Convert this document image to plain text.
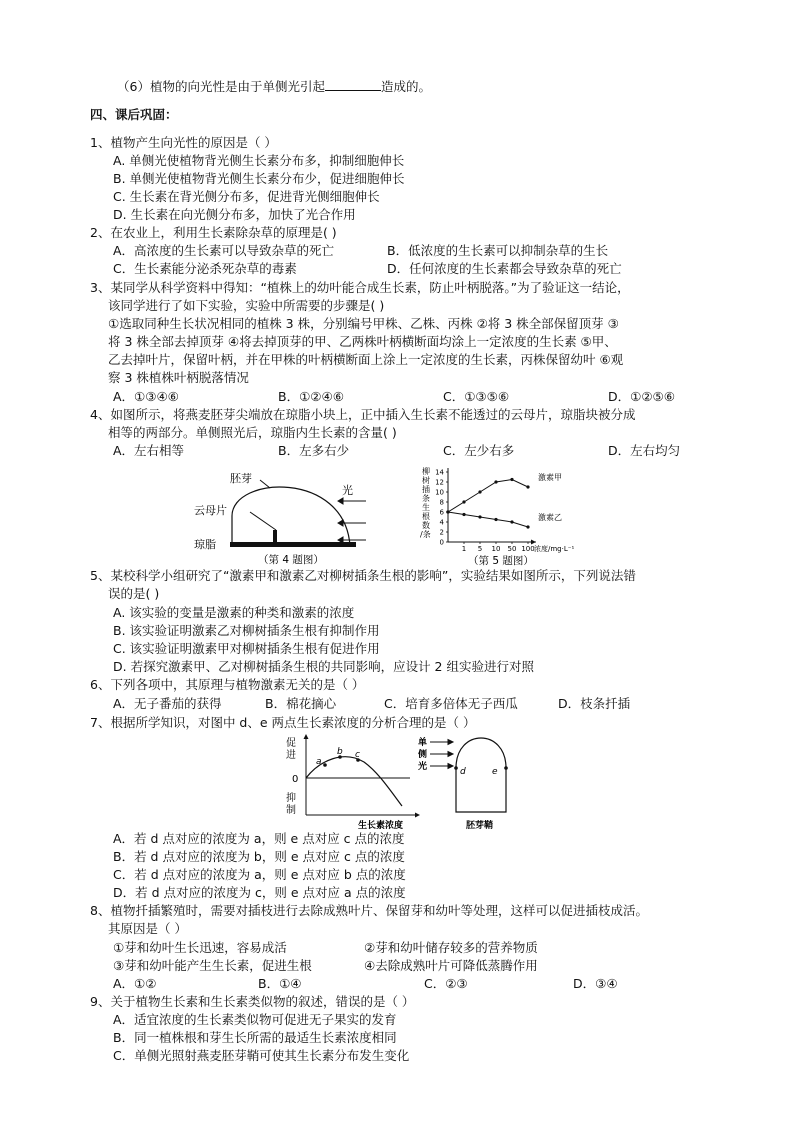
（6）植物的向光性是由于单侧光引起	造成的。
四、课后巩固：
1、植物产生向光性的原因是（ ）
A. 单侧光使植物背光侧生长素分布多，抑制细胞伸长
B. 单侧光使植物背光侧生长素分布少，促进细胞伸长
C. 生长素在背光侧分布多，促进背光侧细胞伸长
D. 生长素在向光侧分布多，加快了光合作用
2、在农业上，利用生长素除杂草的原理是( )
A．高浓度的生长素可以导致杂草的死亡	B．低浓度的生长素可以抑制杂草的生长
C．生长素能分泌杀死杂草的毒素	D．任何浓度的生长素都会导致杂草的死亡
3、某同学从科学资料中得知：“植株上的幼叶能合成生长素，防止叶柄脱落。”为了验证这一结论，
该同学进行了如下实验，实验中所需要的步骤是( )
①选取同种生长状况相同的植株 3 株，分别编号甲株、乙株、丙株 ②将 3 株全部保留顶芽 ③
将 3 株全部去掉顶芽 ④将去掉顶芽的甲、乙两株叶柄横断面均涂上一定浓度的生长素 ⑤甲、
乙去掉叶片，保留叶柄，并在甲株的叶柄横断面上涂上一定浓度的生长素，丙株保留幼叶 ⑥观
察 3 株植株叶柄脱落情况
A．①③④⑥	B．①②④⑥	C．①③⑤⑥	D．①②⑤⑥
4、如图所示，将燕麦胚芽尖端放在琼脂小块上，正中插入生长素不能透过的云母片，琼脂块被分成
相等的两部分。单侧照光后，琼脂内生长素的含量( )
A．左右相等	B．左多右少	C．左少右多	D．左右均匀
胚芽
云母片
琼脂
光
（第 4 题图）
柳
树
插
条
生
根
数
/条
14
12
10
8
6
4
2
0
1 5 10 50 100
激素甲
激素乙
浓度/mg·L⁻¹
（第 5 题图）
5、某校科学小组研究了“激素甲和激素乙对柳树插条生根的影响”，实验结果如图所示，下列说法错
误的是( )
A. 该实验的变量是激素的种类和激素的浓度
B. 该实验证明激素乙对柳树插条生根有抑制作用
C. 该实验证明激素甲对柳树插条生根有促进作用
D. 若探究激素甲、乙对柳树插条生根的共同影响，应设计 2 组实验进行对照
6、下列各项中，其原理与植物激素无关的是（ ）
A．无子番茄的获得	B．棉花摘心	C．培育多倍体无子西瓜	D．枝条扦插
7、根据所学知识，对图中 d、e 两点生长素浓度的分析合理的是（ ）
促
进
0
抑
制
a
b c
生长素浓度
单
侧
光	d	e
胚芽鞘
A．若 d 点对应的浓度为 a，则 e 点对应 c 点的浓度
B．若 d 点对应的浓度为 b，则 e 点对应 c 点的浓度
C．若 d 点对应的浓度为 a，则 e 点对应 b 点的浓度
D．若 d 点对应的浓度为 c，则 e 点对应 a 点的浓度
8、植物扦插繁殖时，需要对插枝进行去除成熟叶片、保留芽和幼叶等处理，这样可以促进插枝成活。
其原因是（ ）
①芽和幼叶生长迅速，容易成活	②芽和幼叶储存较多的营养物质
③芽和幼叶能产生生长素，促进生根	④去除成熟叶片可降低蒸腾作用
A．①②	B．①④	C．②③	D．③④
9、关于植物生长素和生长素类似物的叙述，错误的是（ ）
A．适宜浓度的生长素类似物可促进无子果实的发育
B．同一植株根和芽生长所需的最适生长素浓度相同
C．单侧光照射燕麦胚芽鞘可使其生长素分布发生变化
